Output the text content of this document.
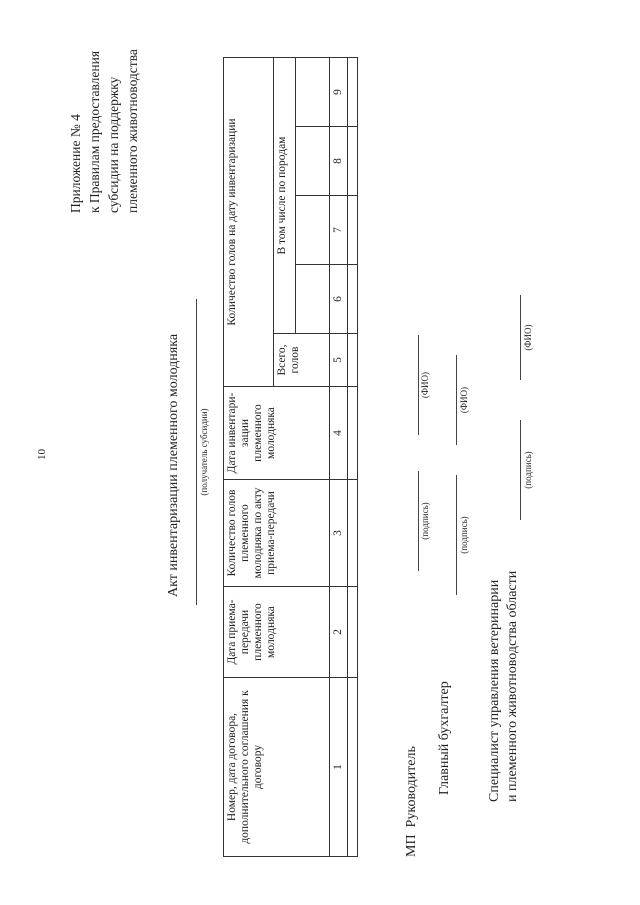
10
Приложение № 4 к Правилам предоставления субсидии на поддержку племенного животноводства
Акт инвентаризации племенного молодняка (получатель субсидии)
Номер, дата договора, дополнительного соглашения к договору	Дата приема-передачи племенного молодняка	Количество голов племенного молодняка по акту приема-передачи	Дата инвентари-зации племенного молодняка	Количество голов на дату инвентаризации				
				Всего, голов	В том числе по породам			

1	2	3	4	5	6	7	8	9

МП  Руководитель
(подпись)
(ФИО)
Главный бухгалтер
(подпись)
(ФИО)
Специалист управления ветеринарии и племенного животноводства области
(подпись)
(ФИО)
